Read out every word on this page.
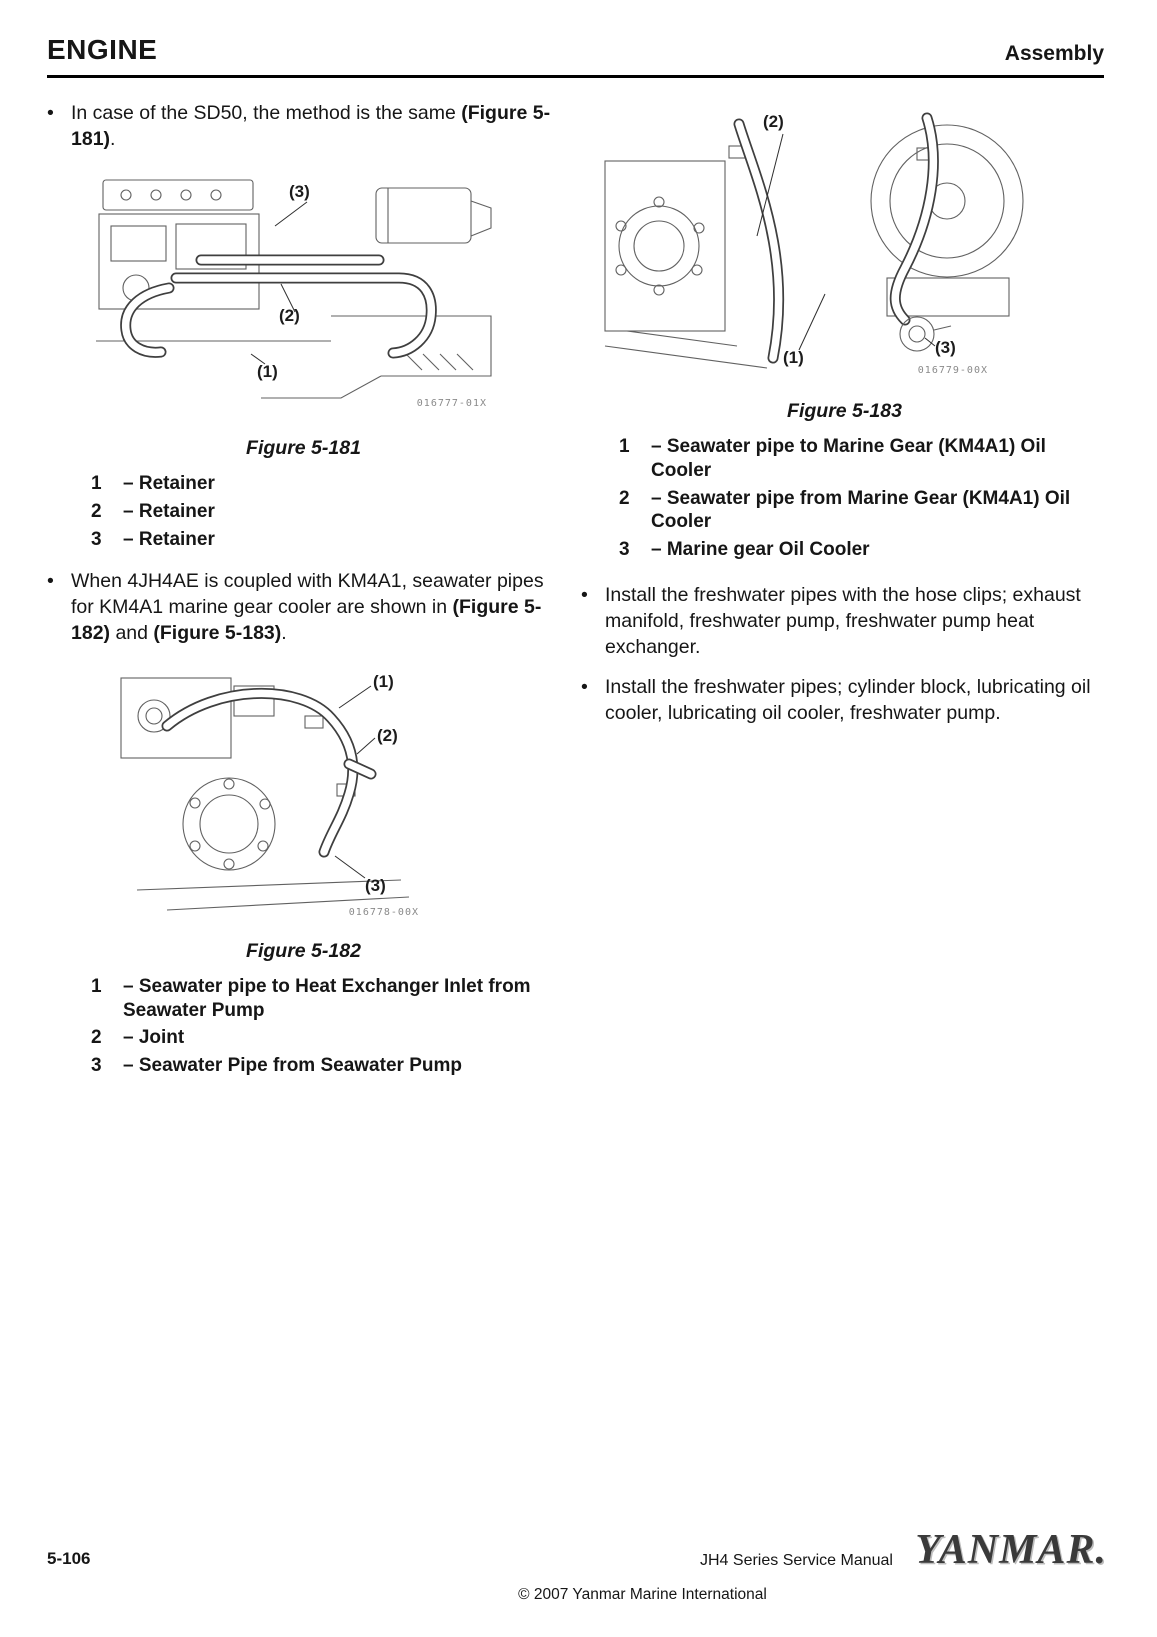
ENGINE	Assembly
• In case of the SD50, the method is the same (Figure 5-181).
(3)
(2)
(1)
016777-01X
Figure 5-181
1	– Retainer
2	– Retainer
3	– Retainer
• When 4JH4AE is coupled with KM4A1, seawater pipes for KM4A1 marine gear cooler are shown in (Figure 5-182) and (Figure 5-183).
(1)
(2)
(3)
016778-00X
Figure 5-182
1	– Seawater pipe to Heat Exchanger Inlet from Seawater Pump
2	– Joint
3	– Seawater Pipe from Seawater Pump
(2)
(1)
(3)
016779-00X
Figure 5-183
1	– Seawater pipe to Marine Gear (KM4A1) Oil Cooler
2	– Seawater pipe from Marine Gear (KM4A1) Oil Cooler
3	– Marine gear Oil Cooler
• Install the freshwater pipes with the hose clips; exhaust manifold, freshwater pump, freshwater pump heat exchanger.
• Install the freshwater pipes; cylinder block, lubricating oil cooler, lubricating oil cooler, freshwater pump.
5-106	JH4 Series Service Manual YANMAR.
© 2007 Yanmar Marine International
